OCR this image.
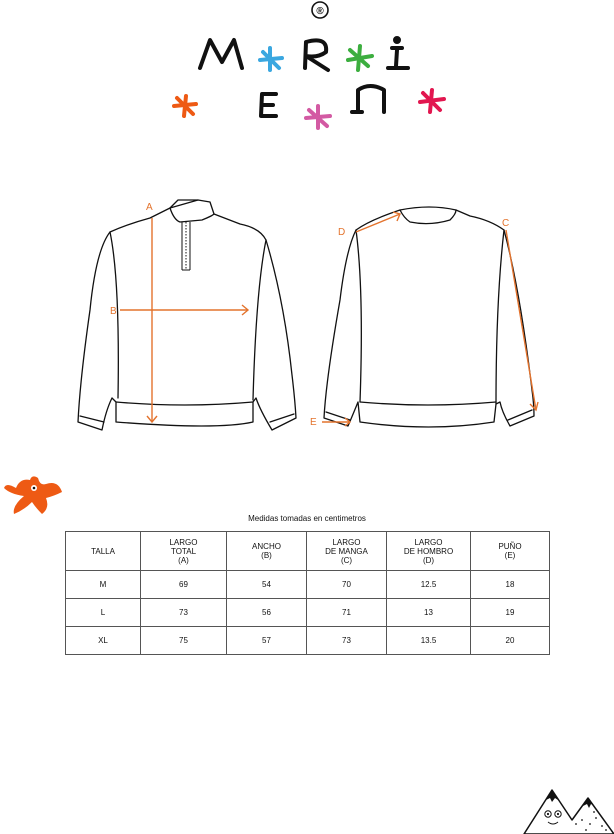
®
A
B
D
C
E
Medidas tomadas en centimetros
TALLA	LARGO
TOTAL
(A)	ANCHO
(B)	LARGO
DE MANGA
(C)	LARGO
DE HOMBRO
(D)	PUÑO
(E)

M	69	54	70	12.5	18
L	73	56	71	13	19
XL	75	57	73	13.5	20
